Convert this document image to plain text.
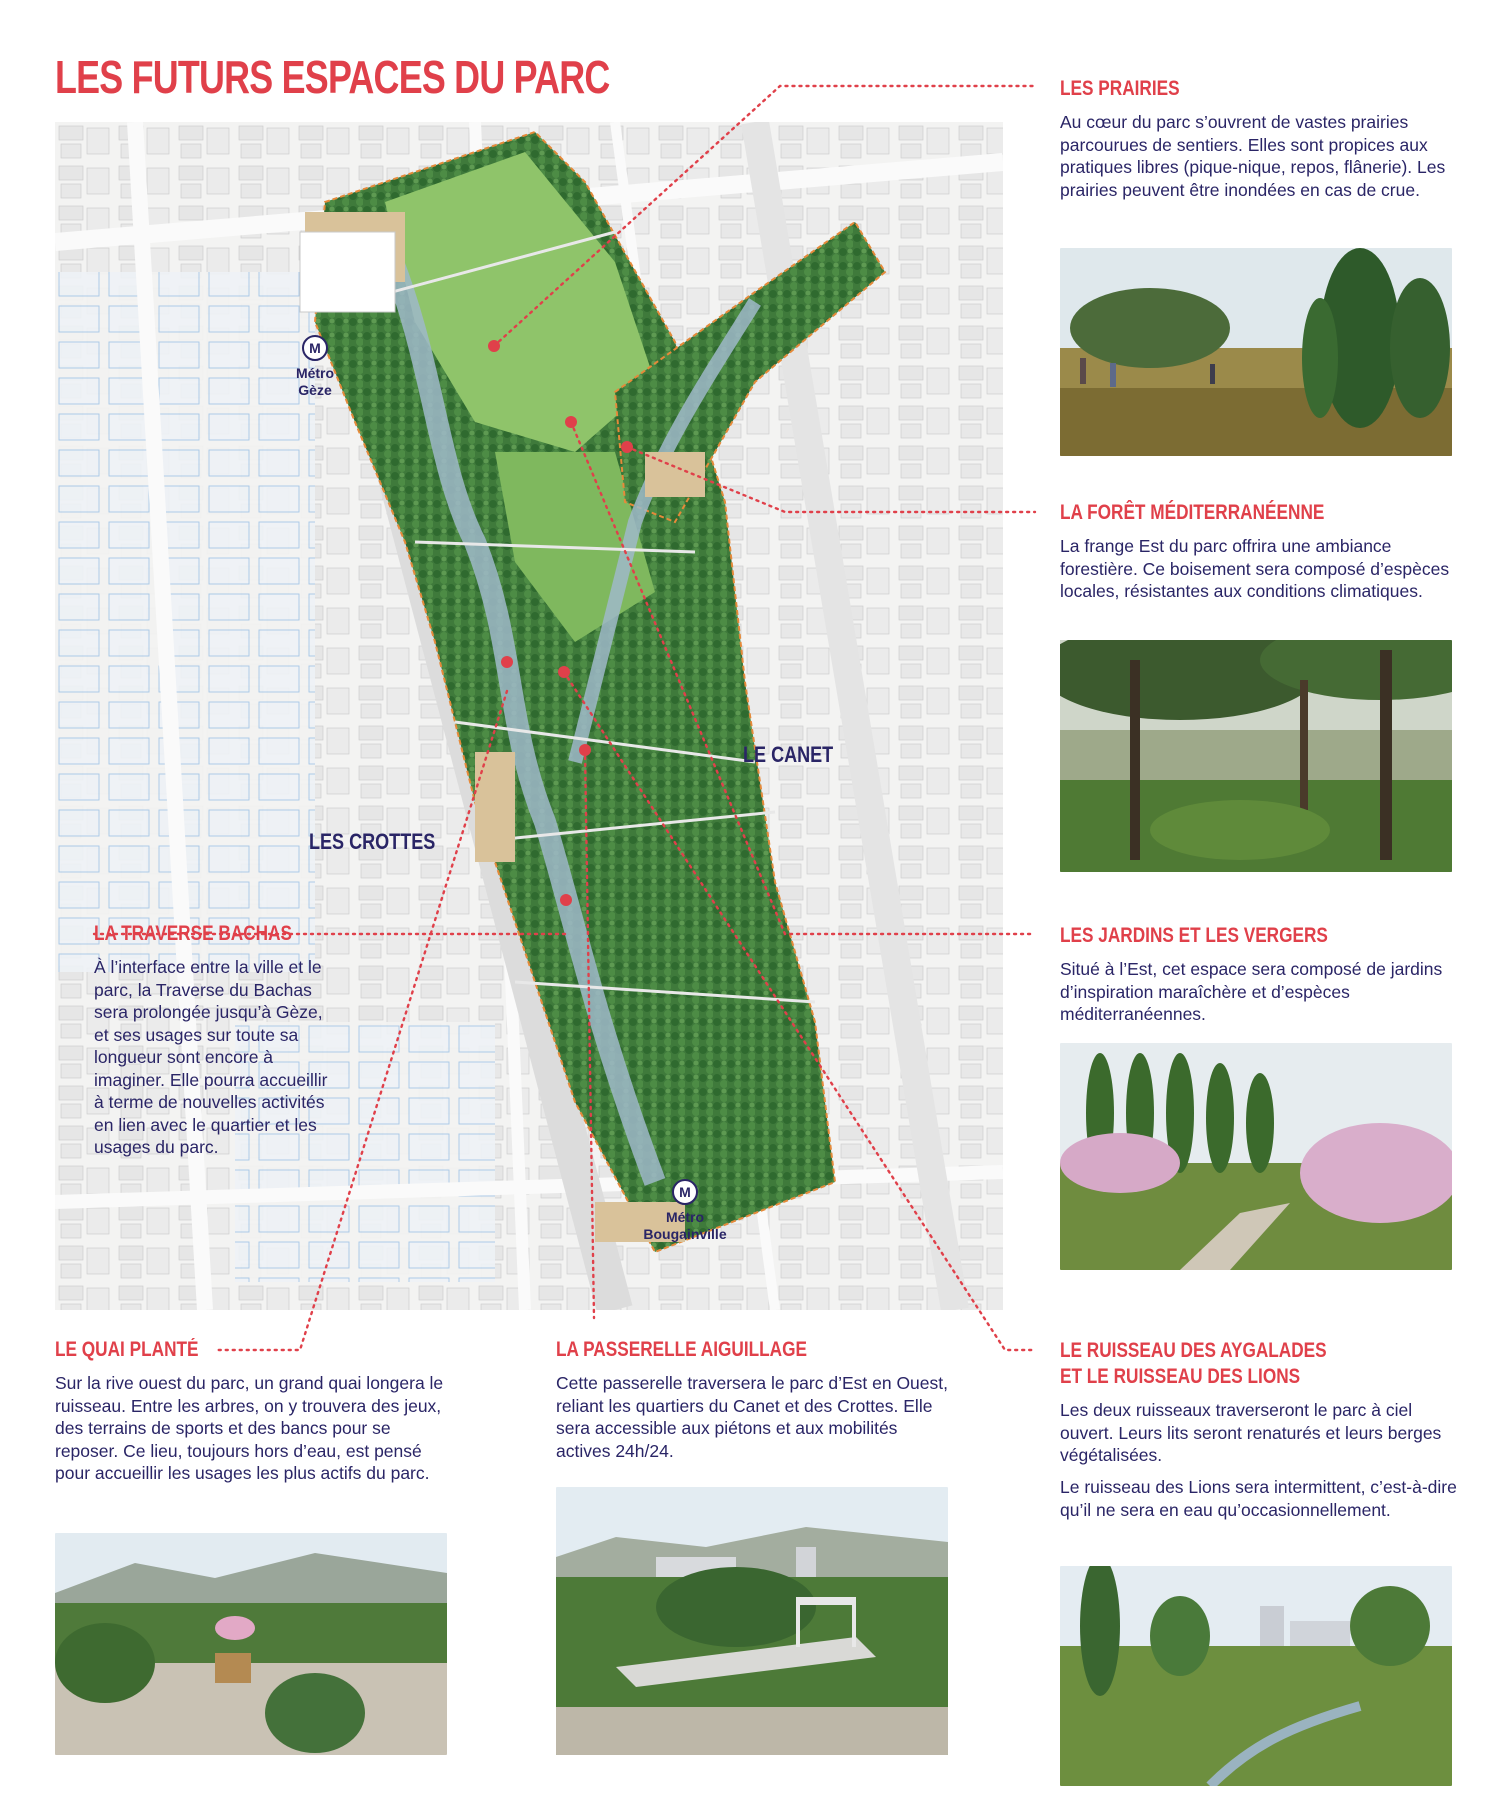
LES FUTURS ESPACES DU PARC
LES CROTTES
LE CANET
M
Métro
Gèze
M
Métro
Bougainville
LES PRAIRIES
Au cœur du parc s’ouvrent de vastes prairies parcourues de sentiers. Elles sont propices aux pratiques libres (pique-nique, repos, flânerie). Les prairies peuvent être inondées en cas de crue.
LA FORÊT MÉDITERRANÉENNE
La frange Est du parc offrira une ambiance forestière. Ce boisement sera composé d’espèces locales, résistantes aux conditions climatiques.
LES JARDINS ET LES VERGERS
Situé à l’Est, cet espace sera composé de jardins d’inspiration maraîchère et d’espèces méditerranéennes.
LE RUISSEAU DES AYGALADES
ET LE RUISSEAU DES LIONS
Les deux ruisseaux traverseront le parc à ciel ouvert. Leurs lits seront renaturés et leurs berges végétalisées.
Le ruisseau des Lions sera intermittent, c’est-à-dire qu’il ne sera en eau qu’occasionnellement.
LA TRAVERSE BACHAS
À l’interface entre la ville et le parc, la Traverse du Bachas sera prolongée jusqu’à Gèze, et ses usages sur toute sa longueur sont encore à imaginer. Elle pourra accueillir à terme de nouvelles activités en lien avec le quartier et les usages du parc.
LE QUAI PLANTÉ
Sur la rive ouest du parc, un grand quai longera le ruisseau. Entre les arbres, on y trouvera des jeux, des terrains de sports et des bancs pour se reposer. Ce lieu, toujours hors d’eau, est pensé pour accueillir les usages les plus actifs du parc.
LA PASSERELLE AIGUILLAGE
Cette passerelle traversera le parc d’Est en Ouest, reliant les quartiers du Canet et des Crottes. Elle sera accessible aux piétons et aux mobilités actives 24h/24.
